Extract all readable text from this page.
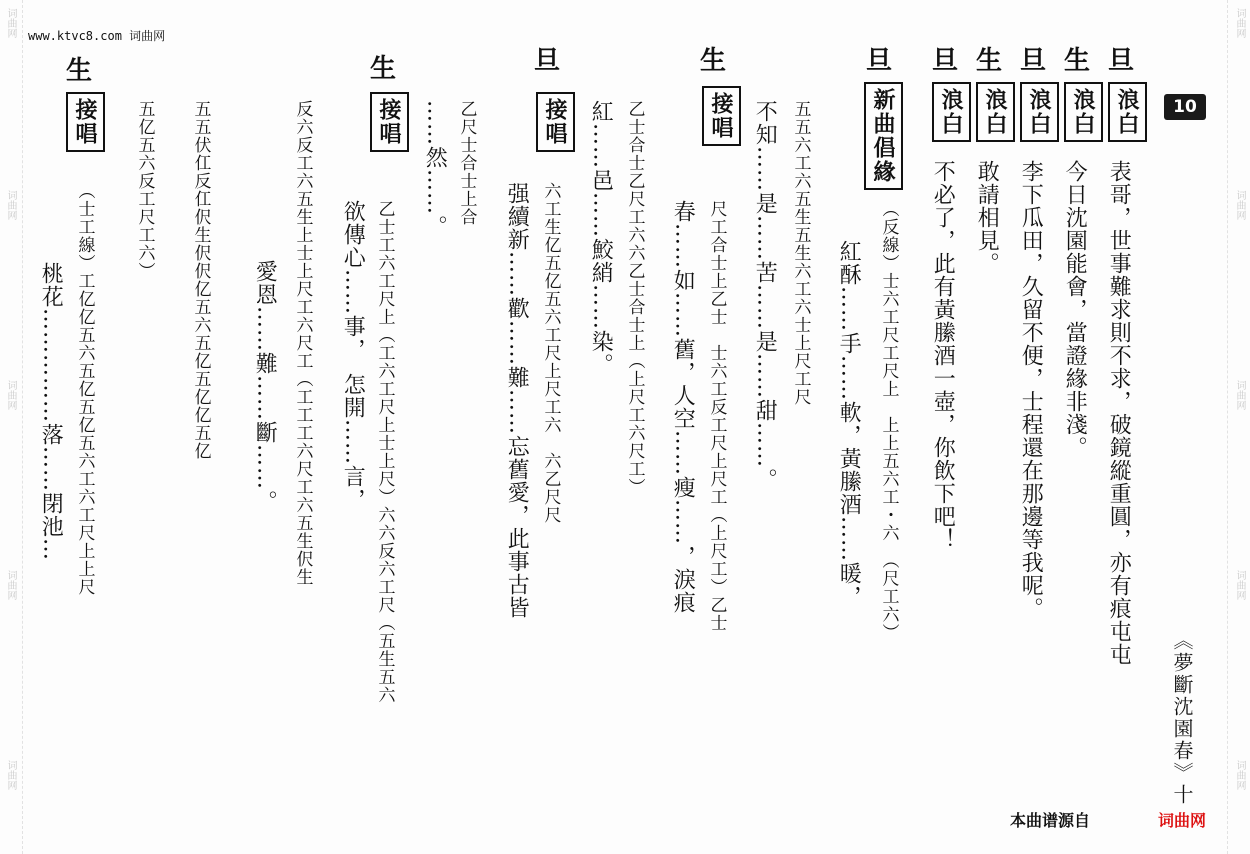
词曲网
词曲网
词曲网
词曲网
词曲网
词曲网
词曲网
词曲网
词曲网
词曲网
www.ktvc8.com 词曲网
10
《夢斷沈園春》十
旦
生
旦
生
旦
旦
生
旦
生
生
浪白
浪白
浪白
浪白
浪白
新曲倡緣
接唱
接唱
接唱
接唱
表哥，世事難求則不求，破鏡縱重圓，亦有痕屯屯
今日沈園能會，當證緣非淺。
李下瓜田，久留不便，士程還在那邊等我呢。
敢請相見。
不必了，此有黃縢酒一壺，你飲下吧！
（反線）士六工尺工尺上　上上五六工・六　（尺工六）
紅酥……手……軟，黃縢酒……暖，
五五六工六五生五生六工六士上尺工尺
不知……是……苦……是……甜……。
尺工合士上乙士　士六工反工尺上尺工（上尺工）乙士
春……如……舊，人空……瘦……，淚痕
乙士合士乙尺工六六乙士合士上（上尺工六尺工）
紅……邑……鮫綃……染。
六工生亿五亿五六工尺上尺工六　六乙尺尺
强續新……歡……難……忘舊愛，此事古皆
乙尺士合士上合
……然……。
乙士工六工尺上（工六工尺上士上尺）六六反六工尺（五生五六
欲傳心……事，　怎開……言，
反六反工六五生上士上尺工六尺工（工工工六尺工六五生伬生
愛恩……難……斷……。
五五伏仜反仜伬生伬伬亿五六五亿五亿亿五亿
五亿五六反工尺工六）
（士工線）工亿亿五六五亿五亿五六工六工尺上上尺
桃花……………落……閉池…
本曲谱源自	词曲网
